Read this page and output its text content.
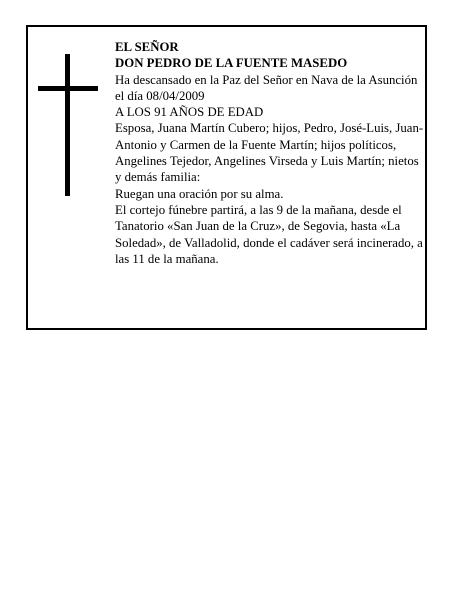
EL SEÑOR

DON PEDRO DE LA FUENTE MASEDO

Ha descansado en la Paz del Señor en Nava de la Asunción el día 08/04/2009

A LOS 91 AÑOS DE EDAD

Esposa, Juana Martín Cubero; hijos, Pedro, José-Luis, Juan-Antonio y Carmen de la Fuente Martín; hijos políticos, Angelines Tejedor, Angelines Virseda y Luis Martín; nietos y demás familia:

Ruegan una oración por su alma.

El cortejo fúnebre partirá, a las 9 de la mañana, desde el Tanatorio «San Juan de la Cruz», de Segovia, hasta «La Soledad», de Valladolid, donde el cadáver será incinerado, a las 11 de la mañana.
